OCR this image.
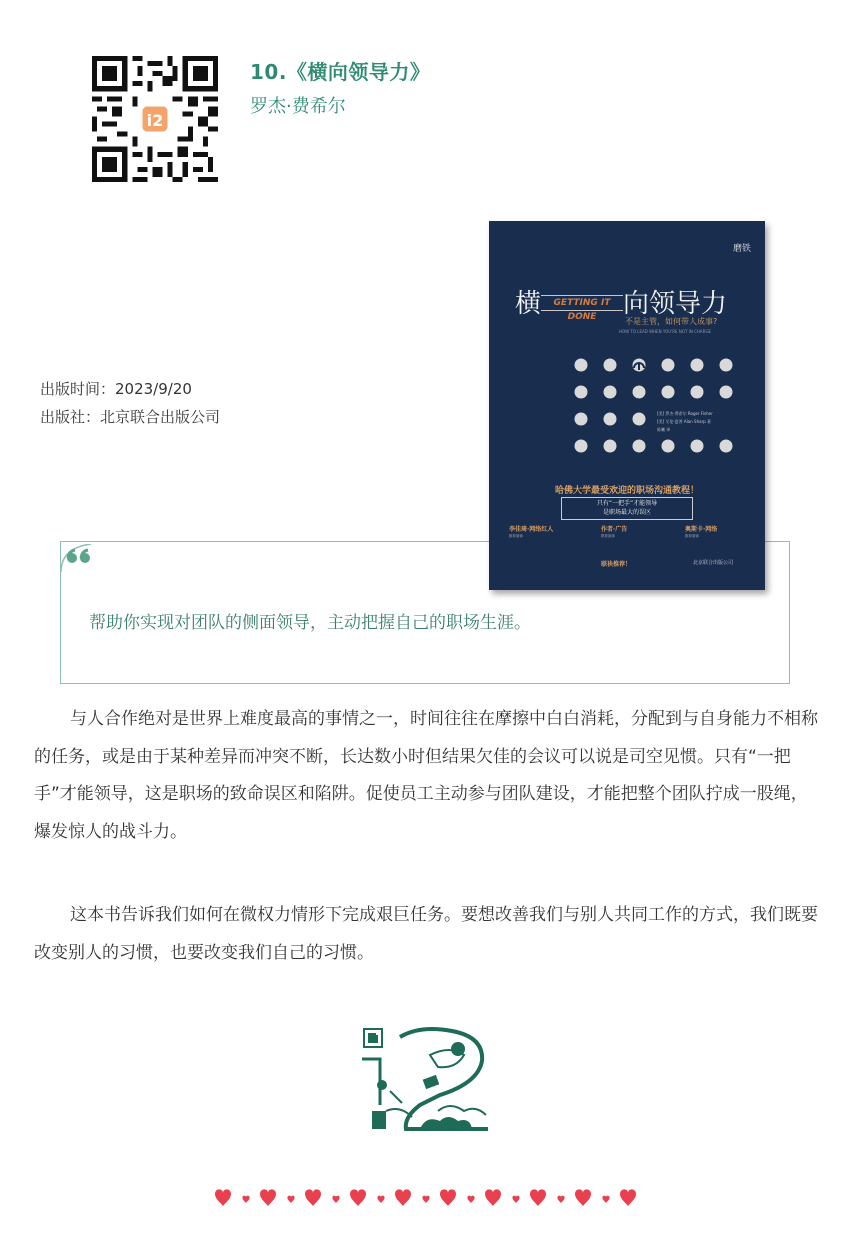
i2
10.《横向领导力》
罗杰·费希尔
出版时间：2023/9/20
出版社：北京联合出版公司
帮助你实现对团队的侧面领导，主动把握自己的职场生涯。
磨铁
横	GETTING IT DONE	向领导力
不是主管，如何带人成事?
HOW TO LEAD WHEN YOU'RE NOT IN CHARGE
[美] 罗杰·费希尔 Roger Fisher
[美] 艾伦·夏普 Alan Sharp 著
陈曦 译
哈佛大学最受欢迎的职场沟通教程！
只有“一把手”才能领导
是职场最大的误区
李佳琦·网络红人
推荐阅读
作者·广告
推荐阅读
奥斯卡·网络
推荐阅读
联袂推荐！	北京联合出版公司

与人合作绝对是世界上难度最高的事情之一，时间往往在摩擦中白白消耗，分配到与自身能力不相称的任务，或是由于某种差异而冲突不断，长达数小时但结果欠佳的会议可以说是司空见惯。只有“一把手”才能领导，这是职场的致命误区和陷阱。促使员工主动参与团队建设，才能把整个团队拧成一股绳，爆发惊人的战斗力。

这本书告诉我们如何在微权力情形下完成艰巨任务。要想改善我们与别人共同工作的方式，我们既要改变别人的习惯，也要改变我们自己的习惯。
